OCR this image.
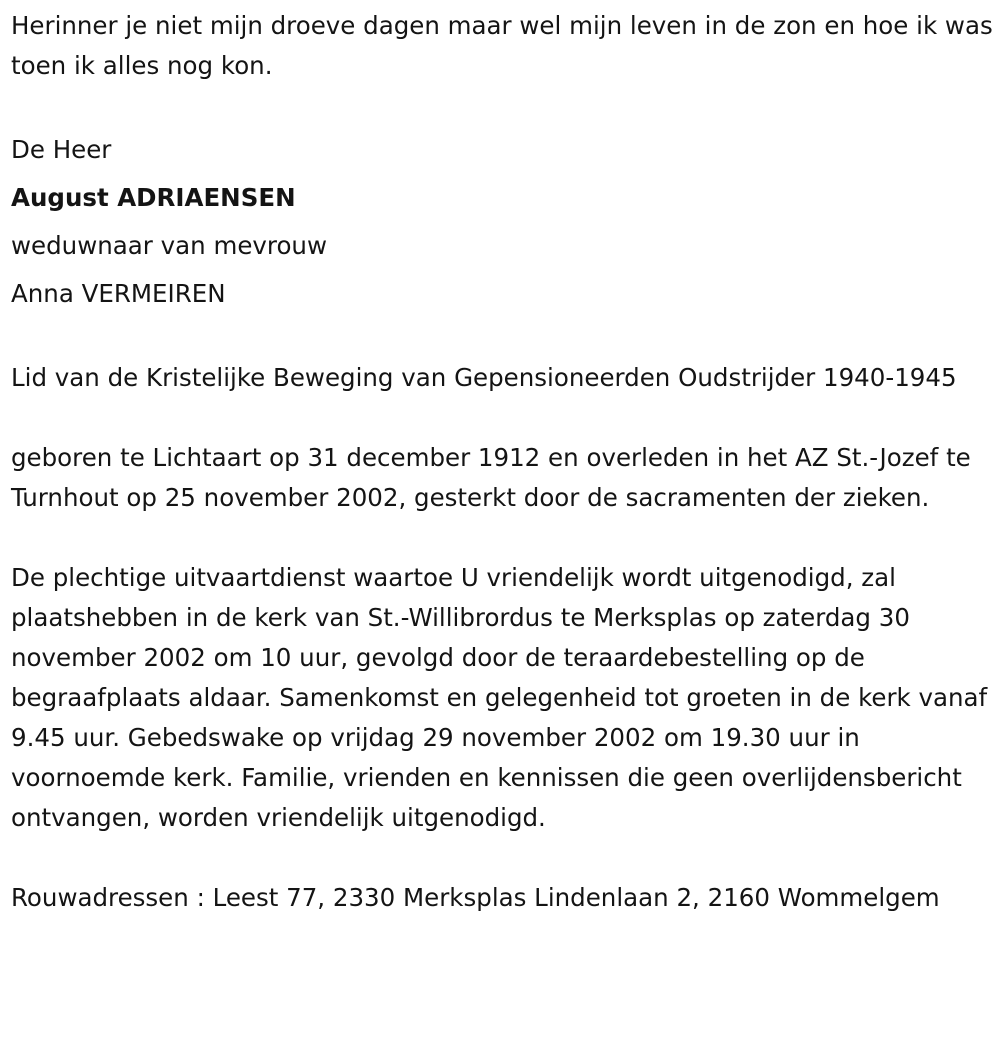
Herinner je niet mijn droeve dagen maar wel mijn leven in de zon en hoe ik was toen ik alles nog kon.

De Heer

August ADRIAENSEN

weduwnaar van mevrouw

Anna VERMEIREN

Lid van de Kristelijke Beweging van Gepensioneerden Oudstrijder 1940-1945

geboren te Lichtaart op 31 december 1912 en overleden in het AZ St.-Jozef te Turnhout op 25 november 2002, gesterkt door de sacramenten der zieken.

De plechtige uitvaartdienst waartoe U vriendelijk wordt uitgenodigd, zal plaatshebben in de kerk van St.-Willibrordus te Merksplas op zaterdag 30 november 2002 om 10 uur, gevolgd door de teraardebestelling op de begraafplaats aldaar. Samenkomst en gelegenheid tot groeten in de kerk vanaf 9.45 uur. Gebedswake op vrijdag 29 november 2002 om 19.30 uur in voornoemde kerk. Familie, vrienden en kennissen die geen overlijdensbericht ontvangen, worden vriendelijk uitgenodigd.

Rouwadressen : Leest 77, 2330 Merksplas Lindenlaan 2, 2160 Wommelgem
